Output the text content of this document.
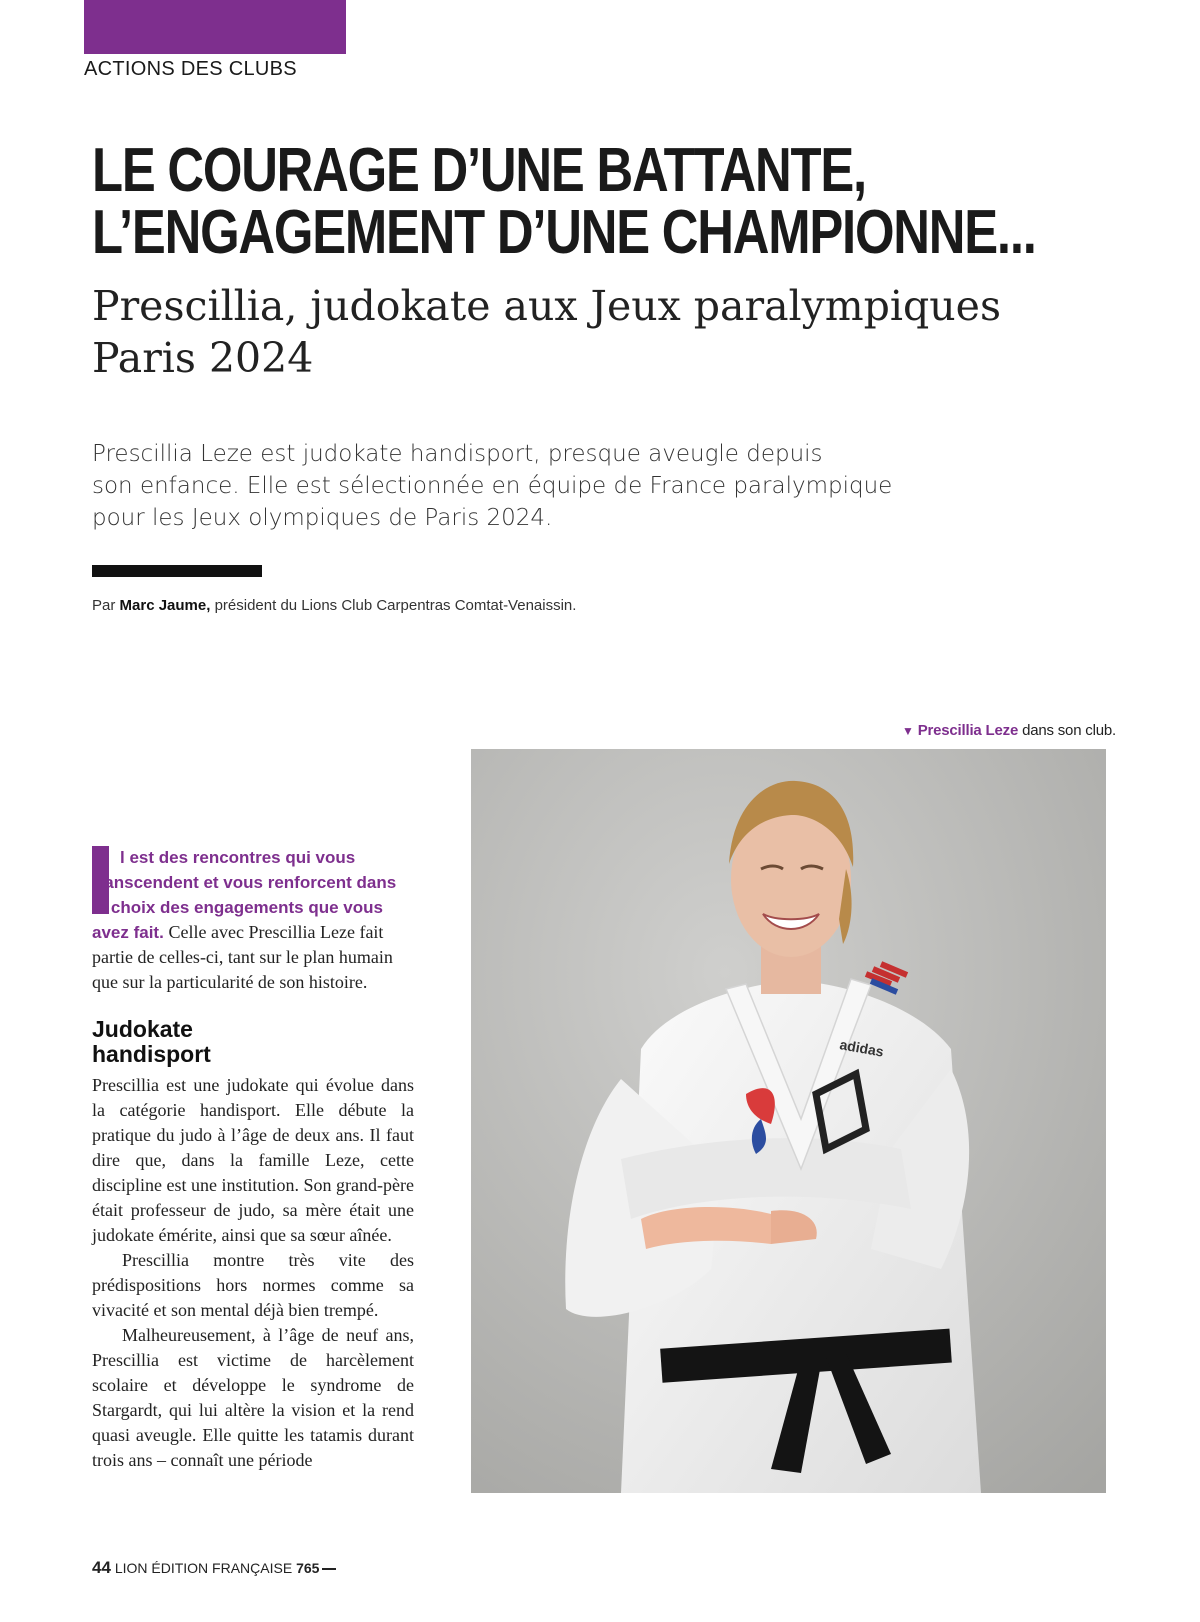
ACTIONS DES CLUBS
LE COURAGE D’UNE BATTANTE,
L’ENGAGEMENT D’UNE CHAMPIONNE...
Prescillia, judokate aux Jeux paralympiques
Paris 2024

Prescillia Leze est judokate handisport, presque aveugle depuis
son enfance. Elle est sélectionnée en équipe de France paralympique
pour les Jeux olympiques de Paris 2024.

Par Marc Jaume, président du Lions Club Carpentras Comtat-Venaissin.
▼ Prescillia Leze dans son club.
adidas

l est des rencontres qui vous transcendent et vous renforcent dans le choix des engagements que vous avez fait. Celle avec Prescillia Leze fait partie de celles-ci, tant sur le plan humain que sur la particularité de son histoire.

Judokate
handisport

Prescillia est une judokate qui évolue dans la catégorie handisport. Elle débute la pratique du judo à l’âge de deux ans. Il faut dire que, dans la famille Leze, cette discipline est une institution. Son grand-père était professeur de judo, sa mère était une judokate émérite, ainsi que sa sœur aînée.

Prescillia montre très vite des prédispositions hors normes comme sa vivacité et son mental déjà bien trempé.

Malheureusement, à l’âge de neuf ans, Prescillia est victime de harcèlement scolaire et développe le syndrome de Stargardt, qui lui altère la vision et la rend quasi aveugle. Elle quitte les tatamis durant trois ans – connaît une période

44 LION ÉDITION FRANÇAISE 765
